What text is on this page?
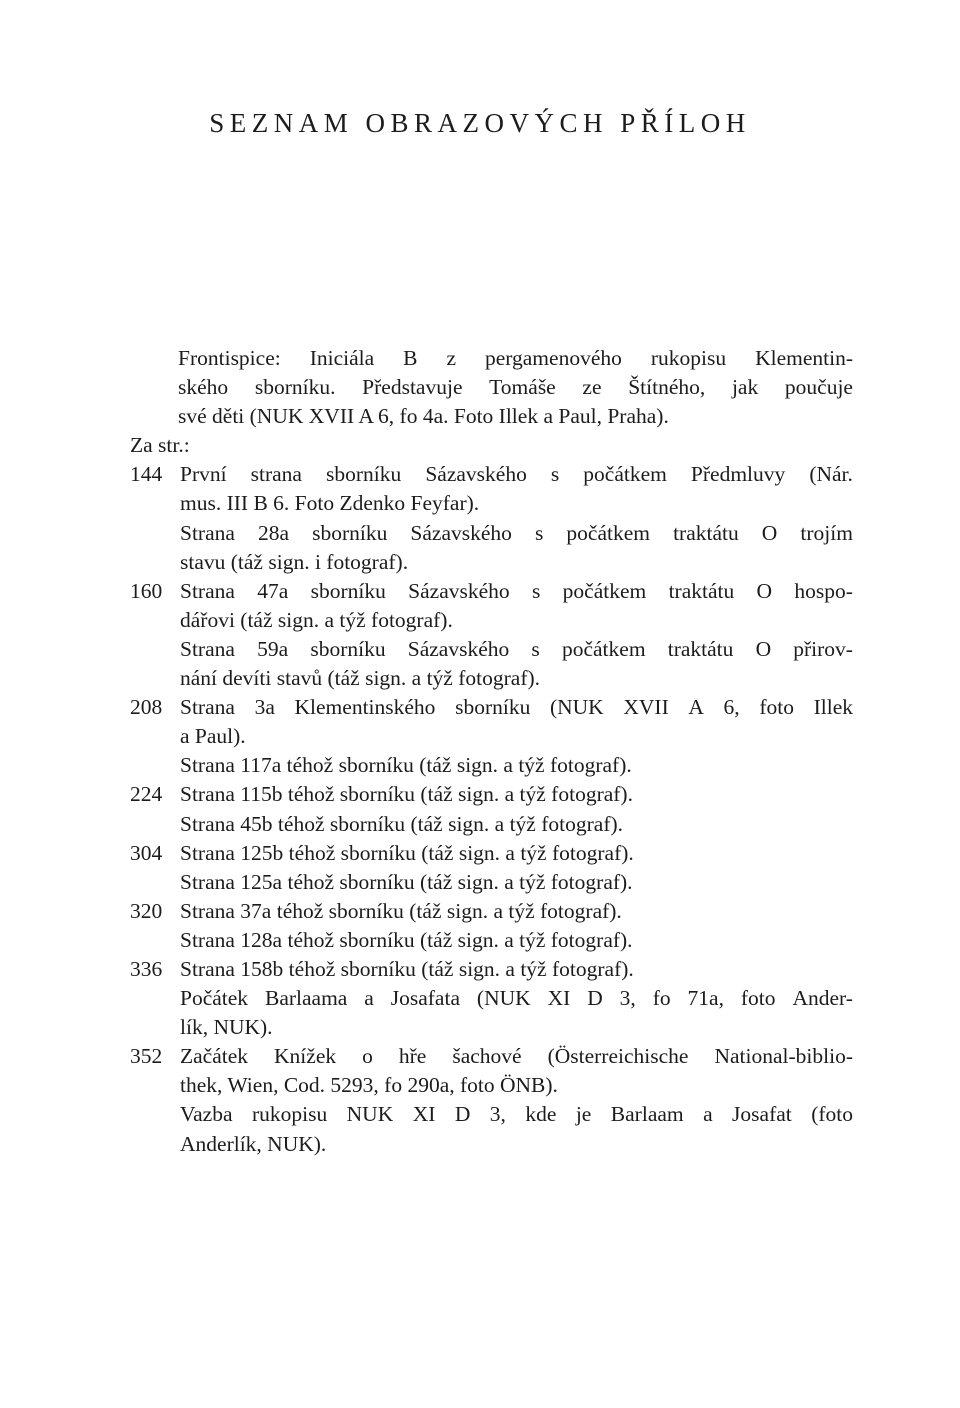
SEZNAM OBRAZOVÝCH PŘÍLOH
Frontispice: Iniciála B z pergamenového rukopisu Klementin-
ského sborníku. Představuje Tomáše ze Štítného, jak poučuje
své děti (NUK XVII A 6, fo 4a. Foto Illek a Paul, Praha).
Za str.:
144 První strana sborníku Sázavského s počátkem Předmluvy (Nár.
mus. III B 6. Foto Zdenko Feyfar).
Strana 28a sborníku Sázavského s počátkem traktátu O trojím
stavu (táž sign. i fotograf).
160 Strana 47a sborníku Sázavského s počátkem traktátu O hospo-
dářovi (táž sign. a týž fotograf).
Strana 59a sborníku Sázavského s počátkem traktátu O přirov-
nání devíti stavů (táž sign. a týž fotograf).
208 Strana 3a Klementinského sborníku (NUK XVII A 6, foto Illek
a Paul).
Strana 117a téhož sborníku (táž sign. a týž fotograf).
224 Strana 115b téhož sborníku (táž sign. a týž fotograf).
Strana 45b téhož sborníku (táž sign. a týž fotograf).
304 Strana 125b téhož sborníku (táž sign. a týž fotograf).
Strana 125a téhož sborníku (táž sign. a týž fotograf).
320 Strana 37a téhož sborníku (táž sign. a týž fotograf).
Strana 128a téhož sborníku (táž sign. a týž fotograf).
336 Strana 158b téhož sborníku (táž sign. a týž fotograf).
Počátek Barlaama a Josafata (NUK XI D 3, fo 71a, foto Ander-
lík, NUK).
352 Začátek Knížek o hře šachové (Österreichische National-biblio-
thek, Wien, Cod. 5293, fo 290a, foto ÖNB).
Vazba rukopisu NUK XI D 3, kde je Barlaam a Josafat (foto
Anderlík, NUK).
